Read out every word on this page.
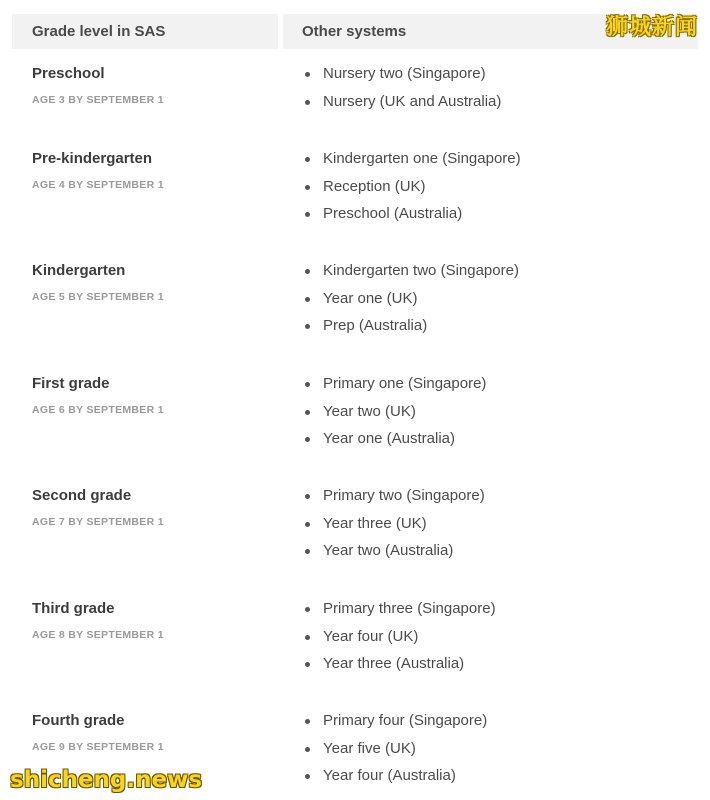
Grade level in SAS	Other systems
Preschool
AGE 3 BY SEPTEMBER 1
Nursery two (Singapore)
Nursery (UK and Australia)
Pre-kindergarten
AGE 4 BY SEPTEMBER 1
Kindergarten one (Singapore)
Reception (UK)
Preschool (Australia)
Kindergarten
AGE 5 BY SEPTEMBER 1
Kindergarten two (Singapore)
Year one (UK)
Prep (Australia)
First grade
AGE 6 BY SEPTEMBER 1
Primary one (Singapore)
Year two (UK)
Year one (Australia)
Second grade
AGE 7 BY SEPTEMBER 1
Primary two (Singapore)
Year three (UK)
Year two (Australia)
Third grade
AGE 8 BY SEPTEMBER 1
Primary three (Singapore)
Year four (UK)
Year three (Australia)
Fourth grade
AGE 9 BY SEPTEMBER 1
Primary four (Singapore)
Year five (UK)
Year four (Australia)
狮城新闻
shicheng.news
